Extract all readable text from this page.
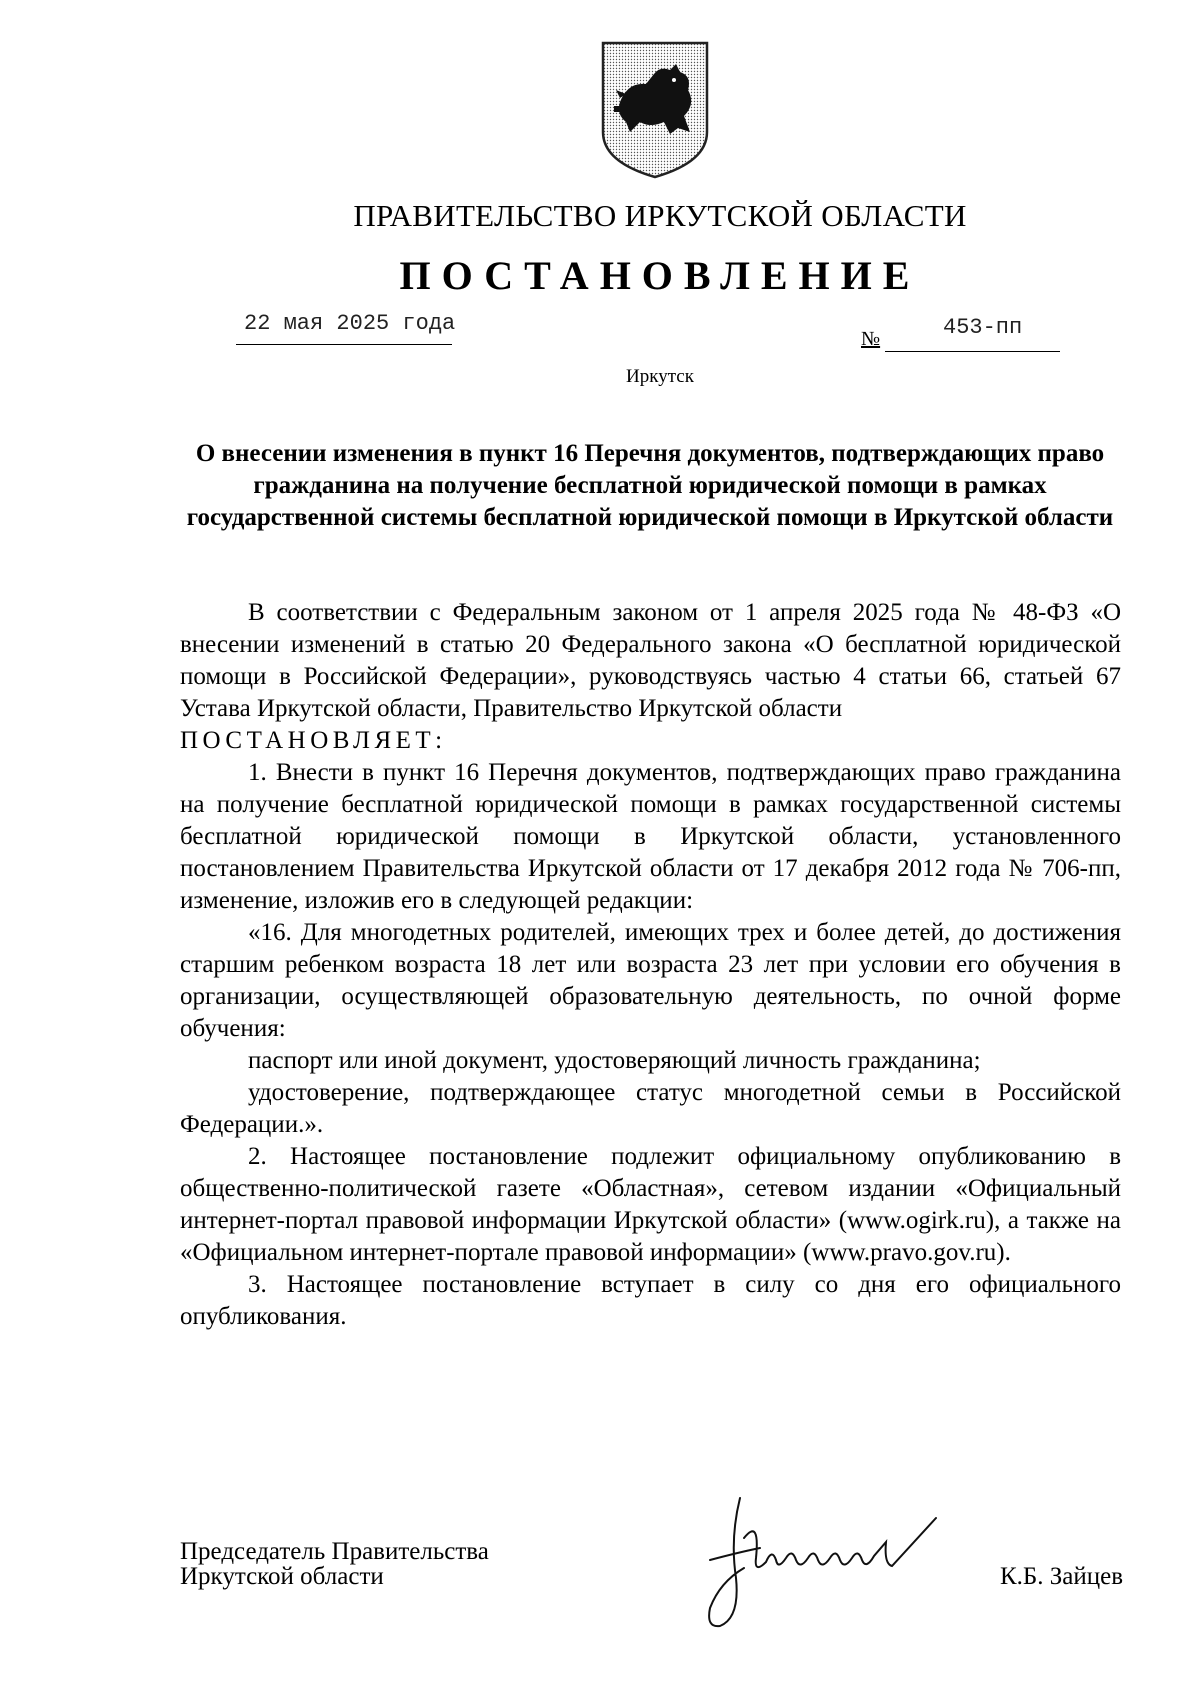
ПРАВИТЕЛЬСТВО ИРКУТСКОЙ ОБЛАСТИ
ПОСТАНОВЛЕНИЕ
22 мая 2025 года
№	453-пп
Иркутск
О внесении изменения в пункт 16 Перечня документов, подтверждающих право гражданина на получение бесплатной юридической помощи в рамках государственной системы бесплатной юридической помощи в Иркутской области

В соответствии с Федеральным законом от 1 апреля 2025 года № 48-ФЗ «О внесении изменений в статью 20 Федерального закона «О бесплатной юридической помощи в Российской Федерации», руководствуясь частью 4 статьи 66, статьей 67 Устава Иркутской области, Правительство Иркутской области

ПОСТАНОВЛЯЕТ:

1. Внести в пункт 16 Перечня документов, подтверждающих право гражданина на получение бесплатной юридической помощи в рамках государственной системы бесплатной юридической помощи в Иркутской области, установленного постановлением Правительства Иркутской области от 17 декабря 2012 года № 706-пп, изменение, изложив его в следующей редакции:

«16. Для многодетных родителей, имеющих трех и более детей, до достижения старшим ребенком возраста 18 лет или возраста 23 лет при условии его обучения в организации, осуществляющей образовательную деятельность, по очной форме обучения:

паспорт или иной документ, удостоверяющий личность гражданина;

удостоверение, подтверждающее статус многодетной семьи в Российской Федерации.».

2. Настоящее постановление подлежит официальному опубликованию в общественно-политической газете «Областная», сетевом издании «Официальный интернет-портал правовой информации Иркутской области» (www.ogirk.ru), а также на «Официальном интернет-портале правовой информации» (www.pravo.gov.ru).

3. Настоящее постановление вступает в силу со дня его официального опубликования.

Председатель Правительства
Иркутской области	К.Б. Зайцев
